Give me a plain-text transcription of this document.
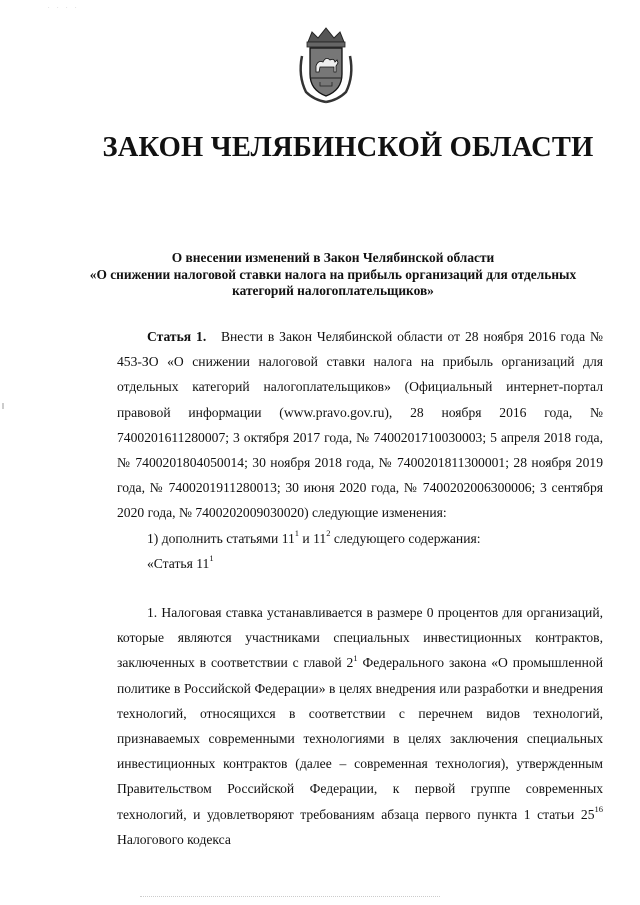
. . . .
ЗАКОН ЧЕЛЯБИНСКОЙ ОБЛАСТИ
О внесении изменений в Закон Челябинской области
«О снижении налоговой ставки налога на прибыль организаций для отдельных
категорий налогоплательщиков»

Статья 1. Внести в Закон Челябинской области от 28 ноября 2016 года № 453-ЗО «О снижении налоговой ставки налога на прибыль организаций для отдельных категорий налогоплательщиков» (Официальный интернет-портал правовой информации (www.pravo.gov.ru), 28 ноября 2016 года, № 7400201611280007; 3 октября 2017 года, № 7400201710030003; 5 апреля 2018 года, № 7400201804050014; 30 ноября 2018 года, № 7400201811300001; 28 ноября 2019 года, № 7400201911280013; 30 июня 2020 года, № 7400202006300006; 3 сентября 2020 года, № 7400202009030020) следующие изменения:

1) дополнить статьями $11^1$ и $11^2$ следующего содержания:

«Статья $11^1$

1. Налоговая ставка устанавливается в размере 0 процентов для организаций, которые являются участниками специальных инвестиционных контрактов, заключенных в соответствии с главой $2^1$ Федерального закона «О промышленной политике в Российской Федерации» в целях внедрения или разработки и внедрения технологий, относящихся в соответствии с перечнем видов технологий, признаваемых современными технологиями в целях заключения специальных инвестиционных контрактов (далее – современная технология), утвержденным Правительством Российской Федерации, к первой группе современных технологий, и удовлетворяют требованиям абзаца первого пункта 1 статьи $25^{16}$ Налогового кодекса
